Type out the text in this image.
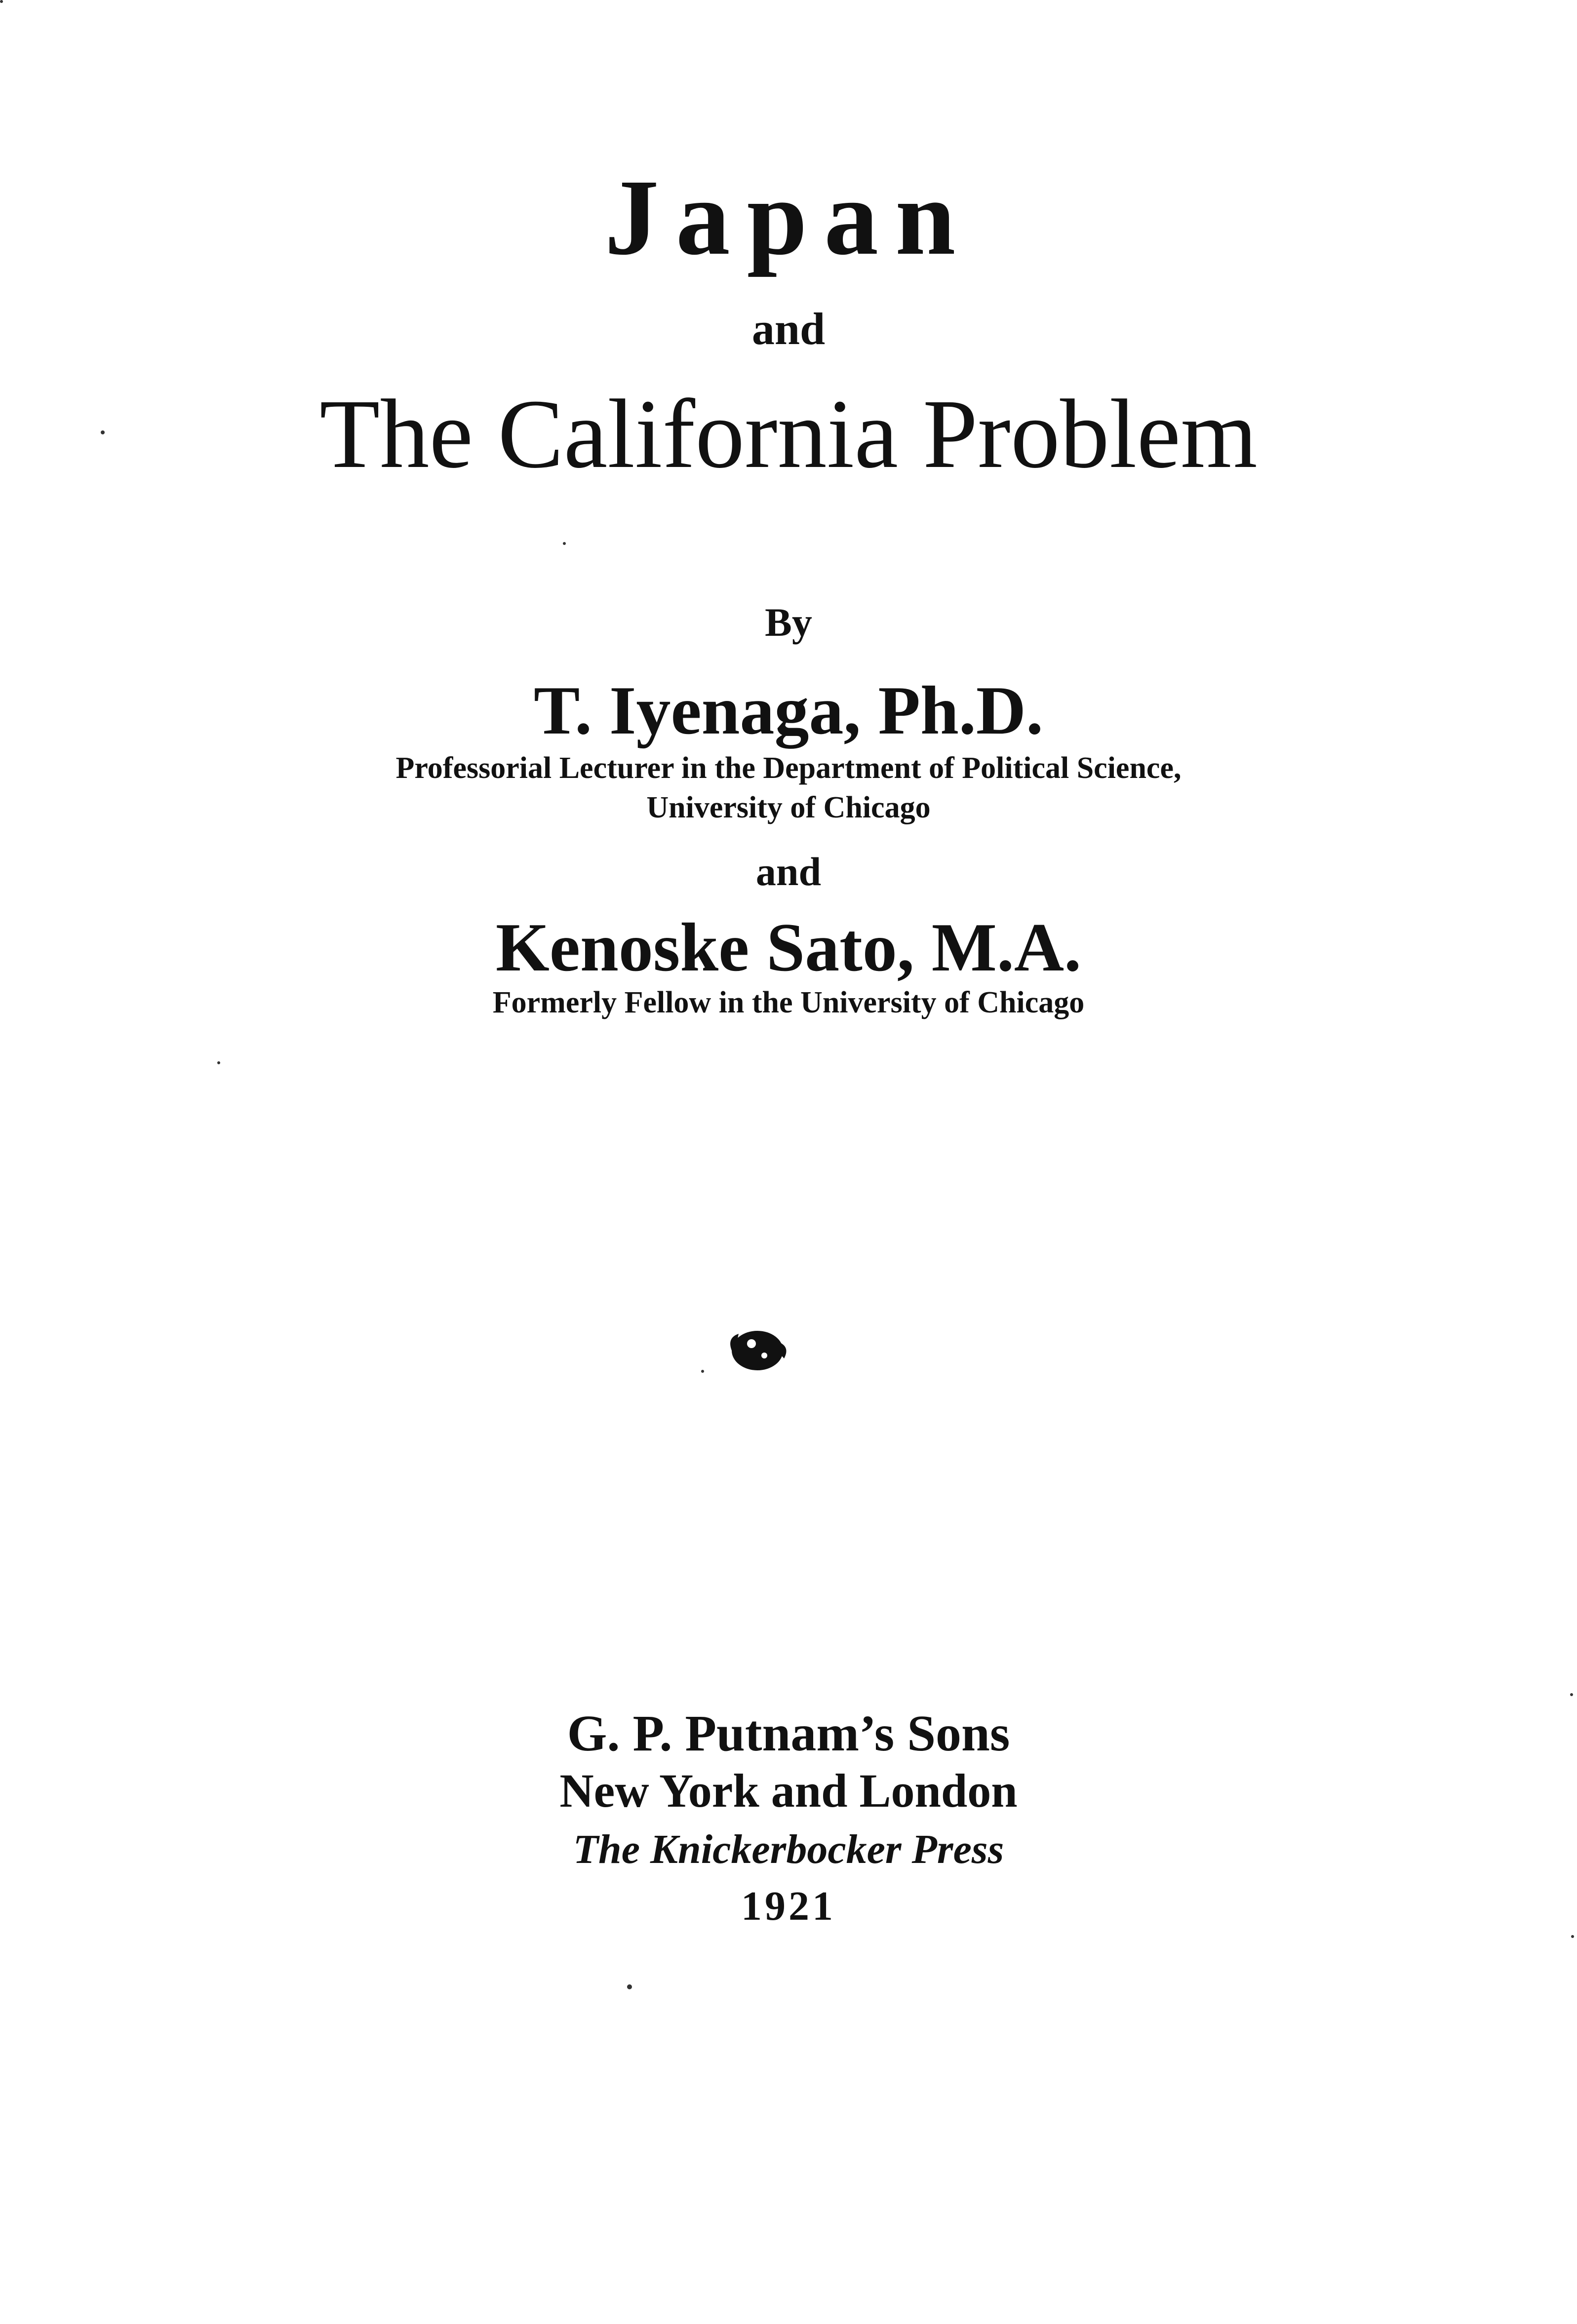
Japan
and
The California Problem
By
T. Iyenaga, Ph.D.
Professorial Lecturer in the Department of Political Science,
University of Chicago
and
Kenoske Sato, M.A.
Formerly Fellow in the University of Chicago
G. P. Putnam’s Sons
New York and London
The Knickerbocker Press
1921
